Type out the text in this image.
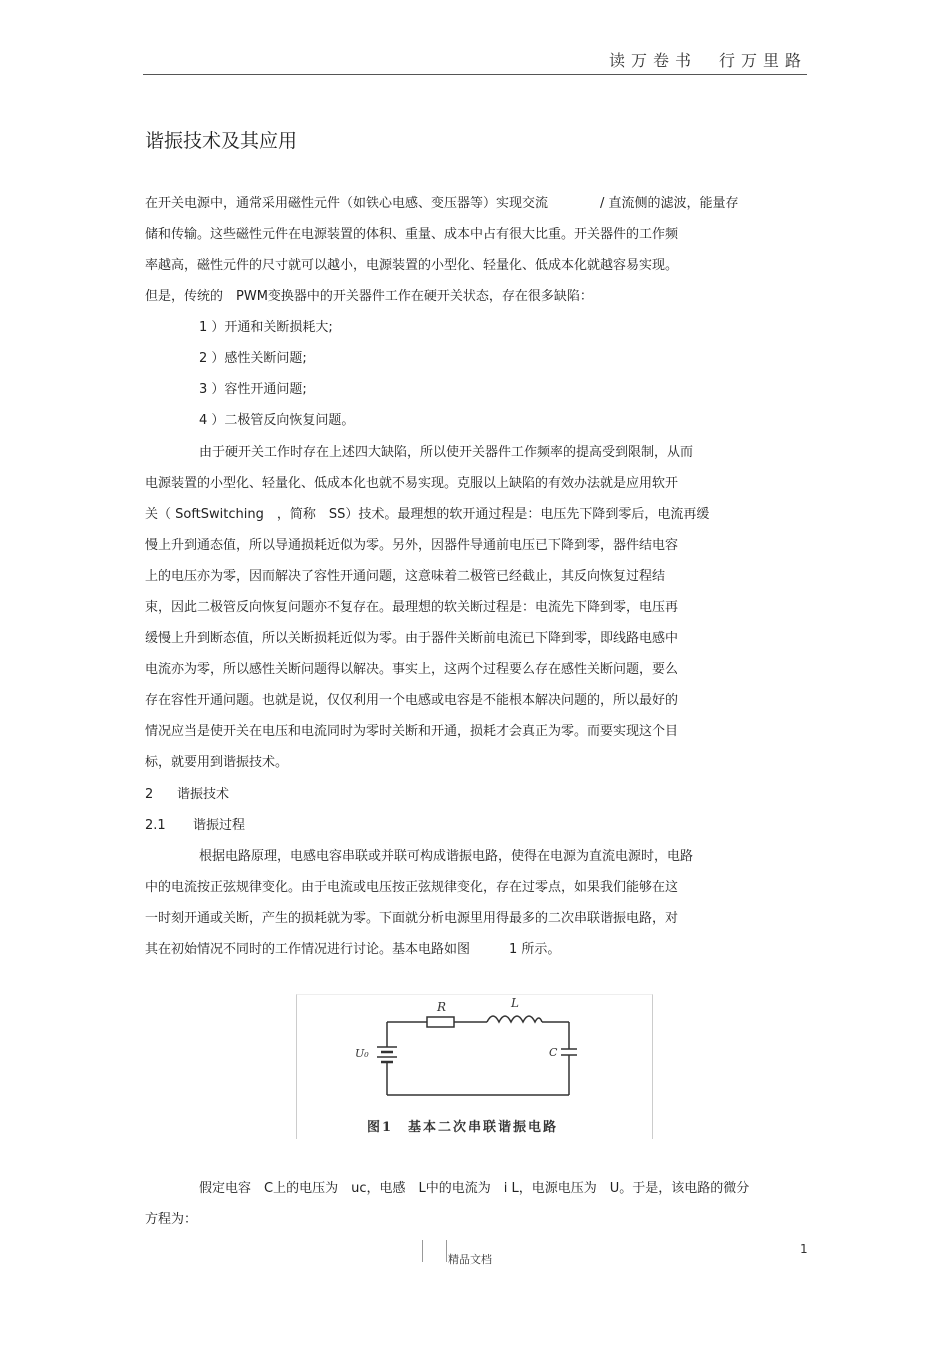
读万卷书　行万里路
谐振技术及其应用
在开关电源中，通常采用磁性元件（如铁心电感、变压器等）实现交流　　　　/ 直流侧的滤波，能量存
储和传输。这些磁性元件在电源装置的体积、重量、成本中占有很大比重。开关器件的工作频
率越高，磁性元件的尺寸就可以越小，电源装置的小型化、轻量化、低成本化就越容易实现。
但是，传统的　PWM变换器中的开关器件工作在硬开关状态，存在很多缺陷：
1 ）开通和关断损耗大;
2 ）感性关断问题;
3 ）容性开通问题;
4 ）二极管反向恢复问题。
由于硬开关工作时存在上述四大缺陷，所以使开关器件工作频率的提高受到限制，从而
电源装置的小型化、轻量化、低成本化也就不易实现。克服以上缺陷的有效办法就是应用软开
关（ SoftSwitching　，简称　SS）技术。最理想的软开通过程是：电压先下降到零后，电流再缓
慢上升到通态值，所以导通损耗近似为零。另外，因器件导通前电压已下降到零，器件结电容
上的电压亦为零，因而解决了容性开通问题，这意味着二极管已经截止，其反向恢复过程结
束，因此二极管反向恢复问题亦不复存在。最理想的软关断过程是：电流先下降到零，电压再
缓慢上升到断态值，所以关断损耗近似为零。由于器件关断前电流已下降到零，即线路电感中
电流亦为零，所以感性关断问题得以解决。事实上，这两个过程要么存在感性关断问题，要么
存在容性开通问题。也就是说，仅仅利用一个电感或电容是不能根本解决问题的，所以最好的
情况应当是使开关在电压和电流同时为零时关断和开通，损耗才会真正为零。而要实现这个目
标，就要用到谐振技术。
2 谐振技术
2.1 谐振过程
根据电路原理，电感电容串联或并联可构成谐振电路，使得在电源为直流电源时，电路
中的电流按正弦规律变化。由于电流或电压按正弦规律变化，存在过零点，如果我们能够在这
一时刻开通或关断，产生的损耗就为零。下面就分析电源里用得最多的二次串联谐振电路，对
其在初始情况不同时的工作情况进行讨论。基本电路如图　　　1 所示。
R	L
C
U₀
图1　基本二次串联谐振电路
假定电容　C上的电压为　uc，电感　L中的电流为　i L，电源电压为　U。于是，该电路的微分
方程为：
精品文档
1
